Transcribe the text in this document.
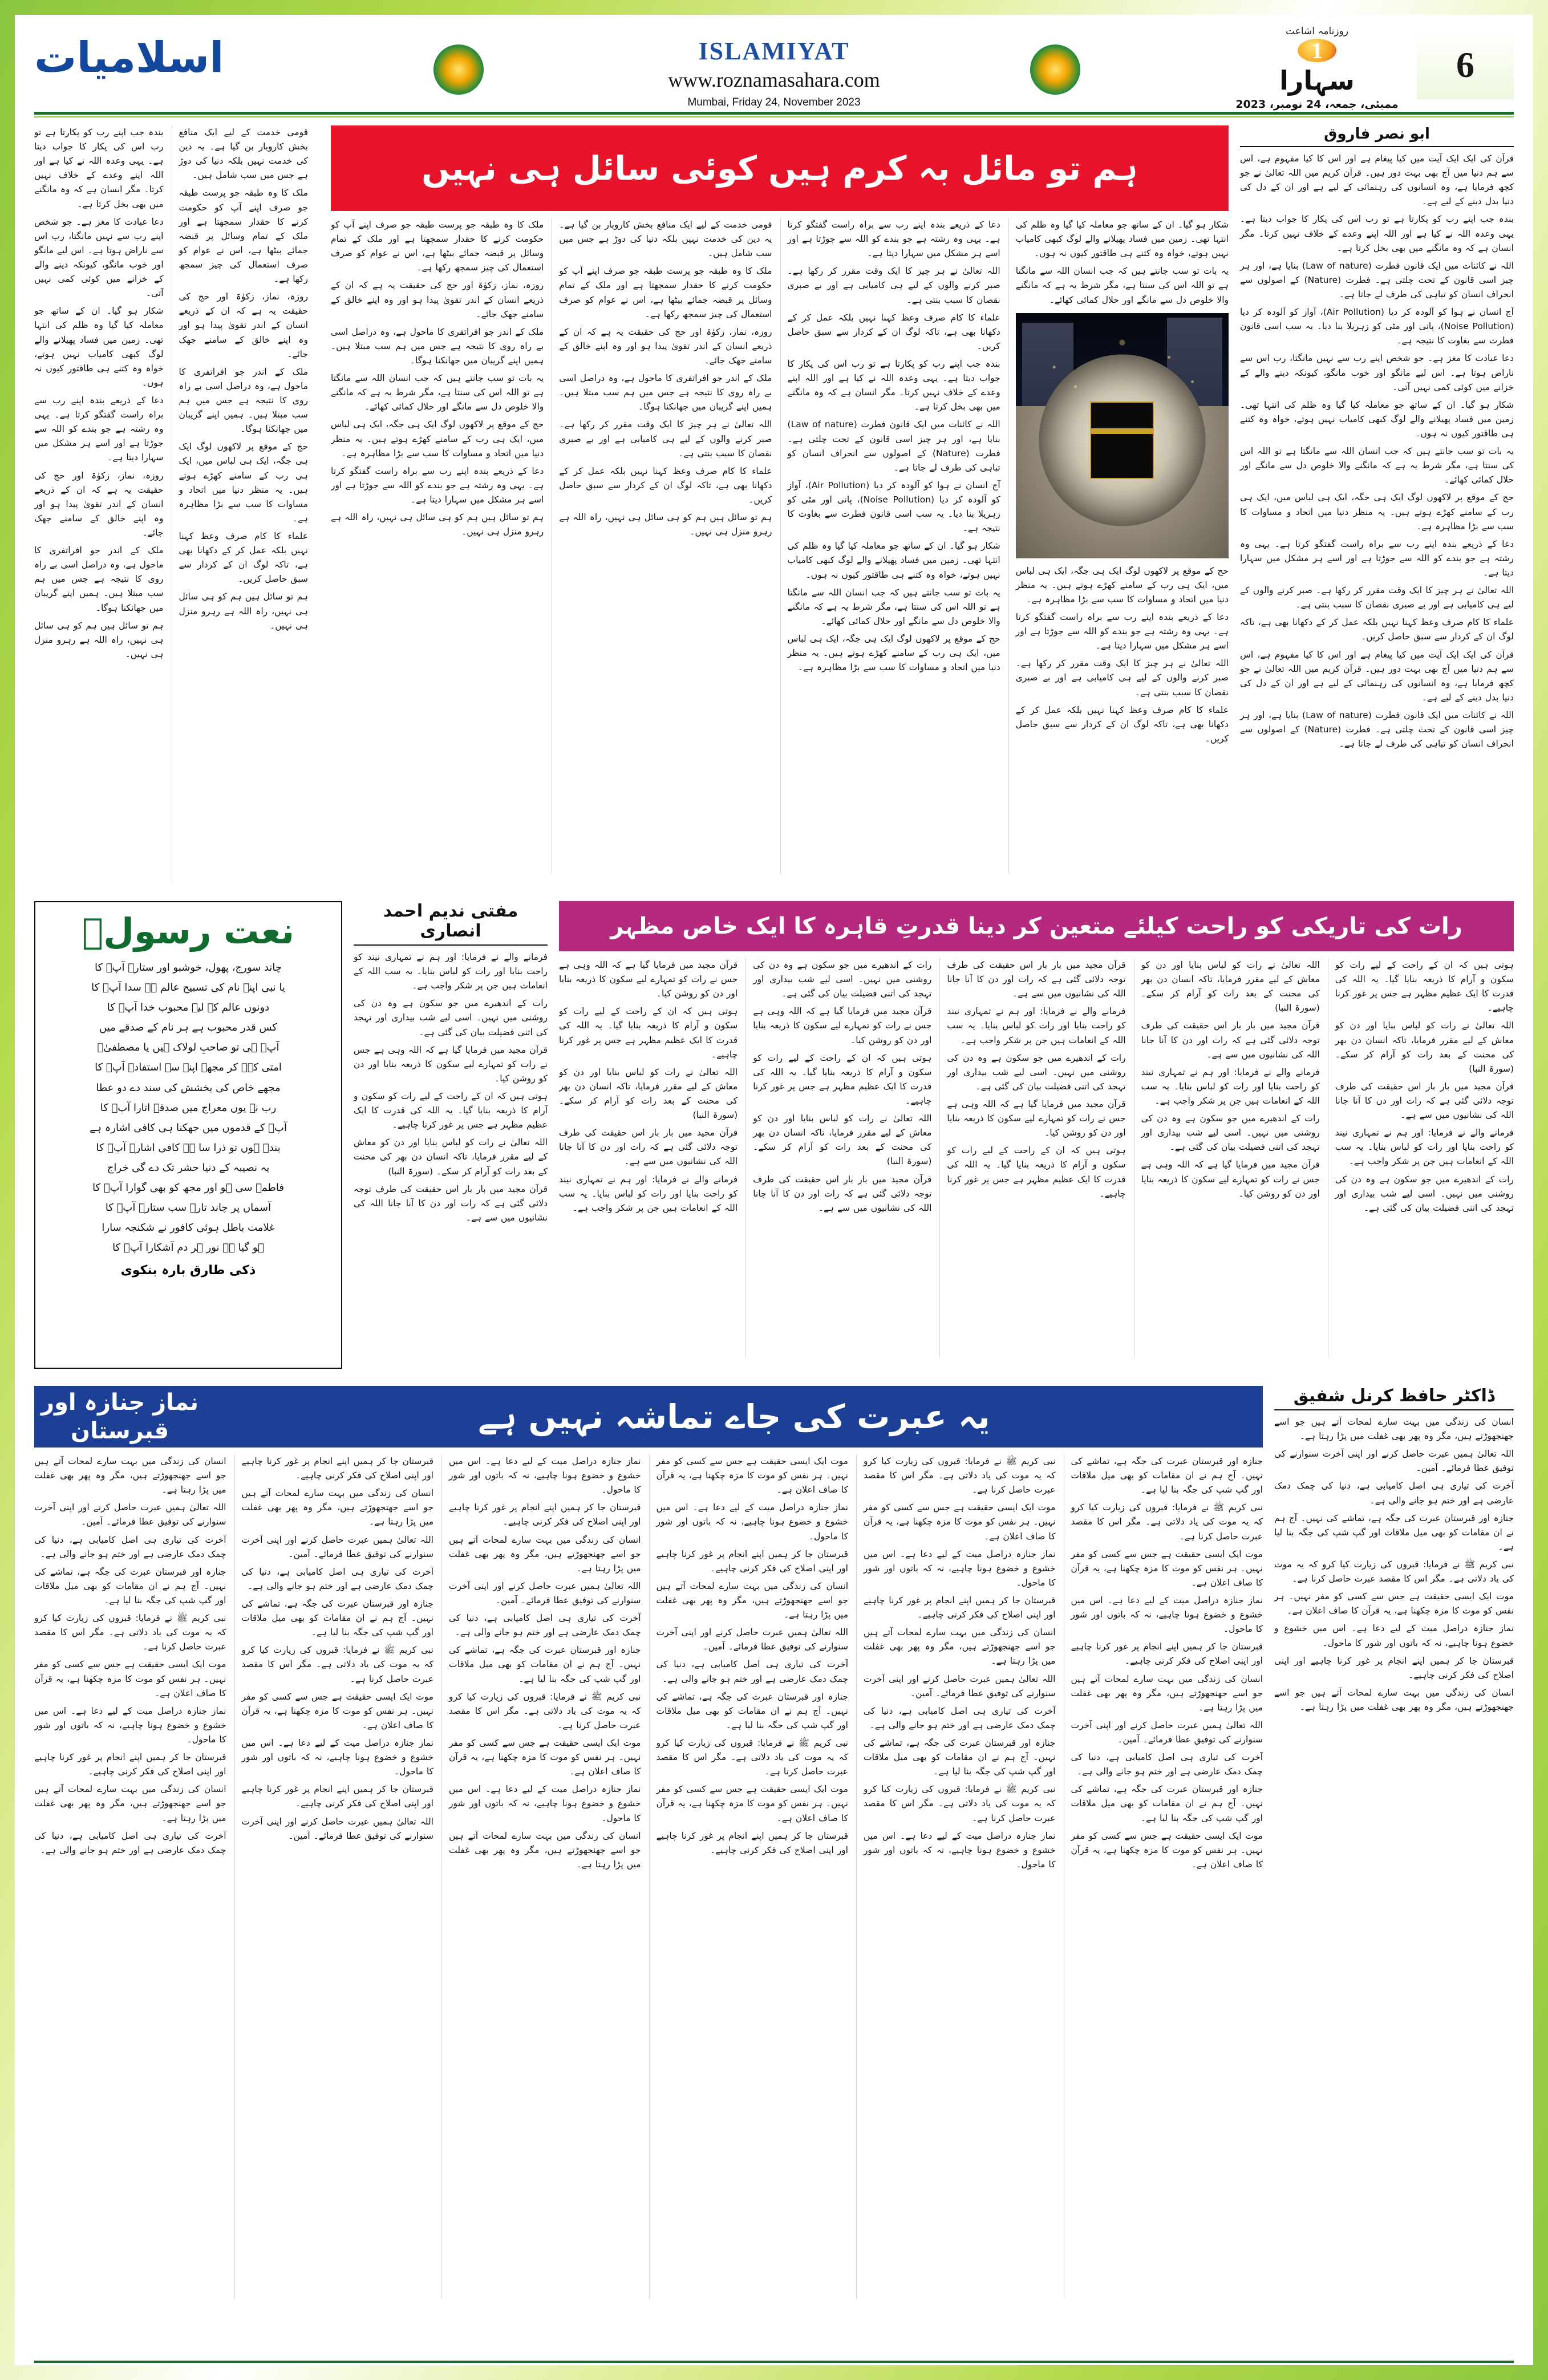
6
روزنامہ اشاعت
1
سہارا
ممبئی، جمعہ، 24 نومبر، 2023
ISLAMIYAT
www.roznamasahara.com
Mumbai, Friday 24, November 2023
اسلامیات
ابو نصر فاروق

قرآن کی ایک ایک آیت میں کیا پیغام ہے اور اس کا کیا مفہوم ہے، اس سے ہم دنیا میں آج بھی بہت دور ہیں۔ قرآن کریم میں اللہ تعالیٰ نے جو کچھ فرمایا ہے، وہ انسانوں کی رہنمائی کے لیے ہے اور ان کے دل کی دنیا بدل دینے کے لیے ہے۔

بندہ جب اپنے رب کو پکارتا ہے تو رب اس کی پکار کا جواب دیتا ہے۔ یہی وعدہ اللہ نے کیا ہے اور اللہ اپنے وعدے کے خلاف نہیں کرتا۔ مگر انسان ہے کہ وہ مانگنے میں بھی بخل کرتا ہے۔

اللہ نے کائنات میں ایک قانون فطرت (Law of nature) بنایا ہے، اور ہر چیز اسی قانون کے تحت چلتی ہے۔ فطرت (Nature) کے اصولوں سے انحراف انسان کو تباہی کی طرف لے جاتا ہے۔

آج انسان نے ہوا کو آلودہ کر دیا (Air Pollution)، آواز کو آلودہ کر دیا (Noise Pollution)، پانی اور مٹی کو زہریلا بنا دیا۔ یہ سب اسی قانون فطرت سے بغاوت کا نتیجہ ہے۔

دعا عبادت کا مغز ہے۔ جو شخص اپنے رب سے نہیں مانگتا، رب اس سے ناراض ہوتا ہے۔ اس لیے مانگو اور خوب مانگو، کیونکہ دینے والے کے خزانے میں کوئی کمی نہیں آتی۔

شکار ہو گیا۔ ان کے ساتھ جو معاملہ کیا گیا وہ ظلم کی انتہا تھی۔ زمین میں فساد پھیلانے والے لوگ کبھی کامیاب نہیں ہوتے، خواہ وہ کتنے ہی طاقتور کیوں نہ ہوں۔

یہ بات تو سب جانتے ہیں کہ جب انسان اللہ سے مانگتا ہے تو اللہ اس کی سنتا ہے، مگر شرط یہ ہے کہ مانگنے والا خلوص دل سے مانگے اور حلال کمائی کھائے۔

حج کے موقع پر لاکھوں لوگ ایک ہی جگہ، ایک ہی لباس میں، ایک ہی رب کے سامنے کھڑے ہوتے ہیں۔ یہ منظر دنیا میں اتحاد و مساوات کا سب سے بڑا مظاہرہ ہے۔

دعا کے ذریعے بندہ اپنے رب سے براہ راست گفتگو کرتا ہے۔ یہی وہ رشتہ ہے جو بندے کو اللہ سے جوڑتا ہے اور اسے ہر مشکل میں سہارا دیتا ہے۔

اللہ تعالیٰ نے ہر چیز کا ایک وقت مقرر کر رکھا ہے۔ صبر کرنے والوں کے لیے ہی کامیابی ہے اور بے صبری نقصان کا سبب بنتی ہے۔

علماء کا کام صرف وعظ کہنا نہیں بلکہ عمل کر کے دکھانا بھی ہے، تاکہ لوگ ان کے کردار سے سبق حاصل کریں۔

قرآن کی ایک ایک آیت میں کیا پیغام ہے اور اس کا کیا مفہوم ہے، اس سے ہم دنیا میں آج بھی بہت دور ہیں۔ قرآن کریم میں اللہ تعالیٰ نے جو کچھ فرمایا ہے، وہ انسانوں کی رہنمائی کے لیے ہے اور ان کے دل کی دنیا بدل دینے کے لیے ہے۔

اللہ نے کائنات میں ایک قانون فطرت (Law of nature) بنایا ہے، اور ہر چیز اسی قانون کے تحت چلتی ہے۔ فطرت (Nature) کے اصولوں سے انحراف انسان کو تباہی کی طرف لے جاتا ہے۔

ہم تو مائل بہ کرم ہیں کوئی سائل ہی نہیں

شکار ہو گیا۔ ان کے ساتھ جو معاملہ کیا گیا وہ ظلم کی انتہا تھی۔ زمین میں فساد پھیلانے والے لوگ کبھی کامیاب نہیں ہوتے، خواہ وہ کتنے ہی طاقتور کیوں نہ ہوں۔

یہ بات تو سب جانتے ہیں کہ جب انسان اللہ سے مانگتا ہے تو اللہ اس کی سنتا ہے، مگر شرط یہ ہے کہ مانگنے والا خلوص دل سے مانگے اور حلال کمائی کھائے۔

حج کے موقع پر لاکھوں لوگ ایک ہی جگہ، ایک ہی لباس میں، ایک ہی رب کے سامنے کھڑے ہوتے ہیں۔ یہ منظر دنیا میں اتحاد و مساوات کا سب سے بڑا مظاہرہ ہے۔

دعا کے ذریعے بندہ اپنے رب سے براہ راست گفتگو کرتا ہے۔ یہی وہ رشتہ ہے جو بندے کو اللہ سے جوڑتا ہے اور اسے ہر مشکل میں سہارا دیتا ہے۔

اللہ تعالیٰ نے ہر چیز کا ایک وقت مقرر کر رکھا ہے۔ صبر کرنے والوں کے لیے ہی کامیابی ہے اور بے صبری نقصان کا سبب بنتی ہے۔

علماء کا کام صرف وعظ کہنا نہیں بلکہ عمل کر کے دکھانا بھی ہے، تاکہ لوگ ان کے کردار سے سبق حاصل کریں۔

دعا کے ذریعے بندہ اپنے رب سے براہ راست گفتگو کرتا ہے۔ یہی وہ رشتہ ہے جو بندے کو اللہ سے جوڑتا ہے اور اسے ہر مشکل میں سہارا دیتا ہے۔

اللہ تعالیٰ نے ہر چیز کا ایک وقت مقرر کر رکھا ہے۔ صبر کرنے والوں کے لیے ہی کامیابی ہے اور بے صبری نقصان کا سبب بنتی ہے۔

علماء کا کام صرف وعظ کہنا نہیں بلکہ عمل کر کے دکھانا بھی ہے، تاکہ لوگ ان کے کردار سے سبق حاصل کریں۔

بندہ جب اپنے رب کو پکارتا ہے تو رب اس کی پکار کا جواب دیتا ہے۔ یہی وعدہ اللہ نے کیا ہے اور اللہ اپنے وعدے کے خلاف نہیں کرتا۔ مگر انسان ہے کہ وہ مانگنے میں بھی بخل کرتا ہے۔

اللہ نے کائنات میں ایک قانون فطرت (Law of nature) بنایا ہے، اور ہر چیز اسی قانون کے تحت چلتی ہے۔ فطرت (Nature) کے اصولوں سے انحراف انسان کو تباہی کی طرف لے جاتا ہے۔

آج انسان نے ہوا کو آلودہ کر دیا (Air Pollution)، آواز کو آلودہ کر دیا (Noise Pollution)، پانی اور مٹی کو زہریلا بنا دیا۔ یہ سب اسی قانون فطرت سے بغاوت کا نتیجہ ہے۔

شکار ہو گیا۔ ان کے ساتھ جو معاملہ کیا گیا وہ ظلم کی انتہا تھی۔ زمین میں فساد پھیلانے والے لوگ کبھی کامیاب نہیں ہوتے، خواہ وہ کتنے ہی طاقتور کیوں نہ ہوں۔

یہ بات تو سب جانتے ہیں کہ جب انسان اللہ سے مانگتا ہے تو اللہ اس کی سنتا ہے، مگر شرط یہ ہے کہ مانگنے والا خلوص دل سے مانگے اور حلال کمائی کھائے۔

حج کے موقع پر لاکھوں لوگ ایک ہی جگہ، ایک ہی لباس میں، ایک ہی رب کے سامنے کھڑے ہوتے ہیں۔ یہ منظر دنیا میں اتحاد و مساوات کا سب سے بڑا مظاہرہ ہے۔

قومی خدمت کے لیے ایک منافع بخش کاروبار بن گیا ہے۔ یہ دین کی خدمت نہیں بلکہ دنیا کی دوڑ ہے جس میں سب شامل ہیں۔

ملک کا وہ طبقہ جو پرست طبقہ جو صرف اپنے آپ کو حکومت کرنے کا حقدار سمجھتا ہے اور ملک کے تمام وسائل پر قبضہ جمائے بیٹھا ہے، اس نے عوام کو صرف استعمال کی چیز سمجھ رکھا ہے۔

روزہ، نماز، زکوٰۃ اور حج کی حقیقت یہ ہے کہ ان کے ذریعے انسان کے اندر تقویٰ پیدا ہو اور وہ اپنے خالق کے سامنے جھک جائے۔

ملک کے اندر جو افراتفری کا ماحول ہے، وہ دراصل اسی بے راہ روی کا نتیجہ ہے جس میں ہم سب مبتلا ہیں۔ ہمیں اپنے گریبان میں جھانکنا ہوگا۔

اللہ تعالیٰ نے ہر چیز کا ایک وقت مقرر کر رکھا ہے۔ صبر کرنے والوں کے لیے ہی کامیابی ہے اور بے صبری نقصان کا سبب بنتی ہے۔

علماء کا کام صرف وعظ کہنا نہیں بلکہ عمل کر کے دکھانا بھی ہے، تاکہ لوگ ان کے کردار سے سبق حاصل کریں۔

ہم تو سائل ہیں ہم کو ہی سائل ہی نہیں، راہ اللہ ہے رہرو منزل ہی نہیں۔

ملک کا وہ طبقہ جو پرست طبقہ جو صرف اپنے آپ کو حکومت کرنے کا حقدار سمجھتا ہے اور ملک کے تمام وسائل پر قبضہ جمائے بیٹھا ہے، اس نے عوام کو صرف استعمال کی چیز سمجھ رکھا ہے۔

روزہ، نماز، زکوٰۃ اور حج کی حقیقت یہ ہے کہ ان کے ذریعے انسان کے اندر تقویٰ پیدا ہو اور وہ اپنے خالق کے سامنے جھک جائے۔

ملک کے اندر جو افراتفری کا ماحول ہے، وہ دراصل اسی بے راہ روی کا نتیجہ ہے جس میں ہم سب مبتلا ہیں۔ ہمیں اپنے گریبان میں جھانکنا ہوگا۔

یہ بات تو سب جانتے ہیں کہ جب انسان اللہ سے مانگتا ہے تو اللہ اس کی سنتا ہے، مگر شرط یہ ہے کہ مانگنے والا خلوص دل سے مانگے اور حلال کمائی کھائے۔

حج کے موقع پر لاکھوں لوگ ایک ہی جگہ، ایک ہی لباس میں، ایک ہی رب کے سامنے کھڑے ہوتے ہیں۔ یہ منظر دنیا میں اتحاد و مساوات کا سب سے بڑا مظاہرہ ہے۔

دعا کے ذریعے بندہ اپنے رب سے براہ راست گفتگو کرتا ہے۔ یہی وہ رشتہ ہے جو بندے کو اللہ سے جوڑتا ہے اور اسے ہر مشکل میں سہارا دیتا ہے۔

ہم تو سائل ہیں ہم کو ہی سائل ہی نہیں، راہ اللہ ہے رہرو منزل ہی نہیں۔

قومی خدمت کے لیے ایک منافع بخش کاروبار بن گیا ہے۔ یہ دین کی خدمت نہیں بلکہ دنیا کی دوڑ ہے جس میں سب شامل ہیں۔

ملک کا وہ طبقہ جو پرست طبقہ جو صرف اپنے آپ کو حکومت کرنے کا حقدار سمجھتا ہے اور ملک کے تمام وسائل پر قبضہ جمائے بیٹھا ہے، اس نے عوام کو صرف استعمال کی چیز سمجھ رکھا ہے۔

روزہ، نماز، زکوٰۃ اور حج کی حقیقت یہ ہے کہ ان کے ذریعے انسان کے اندر تقویٰ پیدا ہو اور وہ اپنے خالق کے سامنے جھک جائے۔

ملک کے اندر جو افراتفری کا ماحول ہے، وہ دراصل اسی بے راہ روی کا نتیجہ ہے جس میں ہم سب مبتلا ہیں۔ ہمیں اپنے گریبان میں جھانکنا ہوگا۔

حج کے موقع پر لاکھوں لوگ ایک ہی جگہ، ایک ہی لباس میں، ایک ہی رب کے سامنے کھڑے ہوتے ہیں۔ یہ منظر دنیا میں اتحاد و مساوات کا سب سے بڑا مظاہرہ ہے۔

علماء کا کام صرف وعظ کہنا نہیں بلکہ عمل کر کے دکھانا بھی ہے، تاکہ لوگ ان کے کردار سے سبق حاصل کریں۔

ہم تو سائل ہیں ہم کو ہی سائل ہی نہیں، راہ اللہ ہے رہرو منزل ہی نہیں۔

بندہ جب اپنے رب کو پکارتا ہے تو رب اس کی پکار کا جواب دیتا ہے۔ یہی وعدہ اللہ نے کیا ہے اور اللہ اپنے وعدے کے خلاف نہیں کرتا۔ مگر انسان ہے کہ وہ مانگنے میں بھی بخل کرتا ہے۔

دعا عبادت کا مغز ہے۔ جو شخص اپنے رب سے نہیں مانگتا، رب اس سے ناراض ہوتا ہے۔ اس لیے مانگو اور خوب مانگو، کیونکہ دینے والے کے خزانے میں کوئی کمی نہیں آتی۔

شکار ہو گیا۔ ان کے ساتھ جو معاملہ کیا گیا وہ ظلم کی انتہا تھی۔ زمین میں فساد پھیلانے والے لوگ کبھی کامیاب نہیں ہوتے، خواہ وہ کتنے ہی طاقتور کیوں نہ ہوں۔

دعا کے ذریعے بندہ اپنے رب سے براہ راست گفتگو کرتا ہے۔ یہی وہ رشتہ ہے جو بندے کو اللہ سے جوڑتا ہے اور اسے ہر مشکل میں سہارا دیتا ہے۔

روزہ، نماز، زکوٰۃ اور حج کی حقیقت یہ ہے کہ ان کے ذریعے انسان کے اندر تقویٰ پیدا ہو اور وہ اپنے خالق کے سامنے جھک جائے۔

ملک کے اندر جو افراتفری کا ماحول ہے، وہ دراصل اسی بے راہ روی کا نتیجہ ہے جس میں ہم سب مبتلا ہیں۔ ہمیں اپنے گریبان میں جھانکنا ہوگا۔

ہم تو سائل ہیں ہم کو ہی سائل ہی نہیں، راہ اللہ ہے رہرو منزل ہی نہیں۔

نعت رسولؐ
چاند سورج، پھول، خوشبو اور ستارہ آپؐ کا
یا نبی اپنے نام کی تسبیح عالم ہے سدا آپؐ کا
دونوں عالم کے لیے محبوب خدا آپؐ کا
کس قدر محبوب ہے ہر نام کے صدقے میں
آپؐ ہی تو صاحبِ لولاک ہیں یا مصطفیٰؐ
امتی کہہ کر مجھے اپنے سے استفادہ آپؐ کا
مجھے خاص کی بخشش کی سند دے دو عطا
رب نے یوں معراج میں صدقہ اتارا آپؐ کا
آپؐ کے قدموں میں جھکنا ہی کافی اشارہ ہے
بندہ ہوں تو ذرا سا ہے کافی اشارہ آپؐ کا
یہ نصیبہ کے دنیا حشر تک دے گی خراج
فاطمہ سی ہو اور مجھ کو بھی گوارا آپؐ کا
آسماں پر چاند تارے سب ستارہ آپؐ کا
غلامت باطل ہوئی کافور نے شکنجہ سارا
ہو گیا ہے نور ہر دم آشکارا آپؐ کا
ذکی طارق بارہ بنکوی
مفتی ندیم احمد انصاری

فرمانے والے نے فرمایا: اور ہم نے تمہاری نیند کو راحت بنایا اور رات کو لباس بنایا۔ یہ سب اللہ کے انعامات ہیں جن پر شکر واجب ہے۔

رات کے اندھیرے میں جو سکون ہے وہ دن کی روشنی میں نہیں۔ اسی لیے شب بیداری اور تہجد کی اتنی فضیلت بیان کی گئی ہے۔

قرآن مجید میں فرمایا گیا ہے کہ اللہ وہی ہے جس نے رات کو تمہارے لیے سکون کا ذریعہ بنایا اور دن کو روشن کیا۔

ہوتی ہیں کہ ان کے راحت کے لیے رات کو سکون و آرام کا ذریعہ بنایا گیا۔ یہ اللہ کی قدرت کا ایک عظیم مظہر ہے جس پر غور کرنا چاہیے۔

اللہ تعالیٰ نے رات کو لباس بنایا اور دن کو معاش کے لیے مقرر فرمایا، تاکہ انسان دن بھر کی محنت کے بعد رات کو آرام کر سکے۔ (سورۃ النبا)

قرآن مجید میں بار بار اس حقیقت کی طرف توجہ دلائی گئی ہے کہ رات اور دن کا آنا جانا اللہ کی نشانیوں میں سے ہے۔

رات کی تاریکی کو راحت کیلئے متعین کر دینا قدرتِ قاہرہ کا ایک خاص مظہر

ہوتی ہیں کہ ان کے راحت کے لیے رات کو سکون و آرام کا ذریعہ بنایا گیا۔ یہ اللہ کی قدرت کا ایک عظیم مظہر ہے جس پر غور کرنا چاہیے۔

اللہ تعالیٰ نے رات کو لباس بنایا اور دن کو معاش کے لیے مقرر فرمایا، تاکہ انسان دن بھر کی محنت کے بعد رات کو آرام کر سکے۔ (سورۃ النبا)

قرآن مجید میں بار بار اس حقیقت کی طرف توجہ دلائی گئی ہے کہ رات اور دن کا آنا جانا اللہ کی نشانیوں میں سے ہے۔

فرمانے والے نے فرمایا: اور ہم نے تمہاری نیند کو راحت بنایا اور رات کو لباس بنایا۔ یہ سب اللہ کے انعامات ہیں جن پر شکر واجب ہے۔

رات کے اندھیرے میں جو سکون ہے وہ دن کی روشنی میں نہیں۔ اسی لیے شب بیداری اور تہجد کی اتنی فضیلت بیان کی گئی ہے۔

اللہ تعالیٰ نے رات کو لباس بنایا اور دن کو معاش کے لیے مقرر فرمایا، تاکہ انسان دن بھر کی محنت کے بعد رات کو آرام کر سکے۔ (سورۃ النبا)

قرآن مجید میں بار بار اس حقیقت کی طرف توجہ دلائی گئی ہے کہ رات اور دن کا آنا جانا اللہ کی نشانیوں میں سے ہے۔

فرمانے والے نے فرمایا: اور ہم نے تمہاری نیند کو راحت بنایا اور رات کو لباس بنایا۔ یہ سب اللہ کے انعامات ہیں جن پر شکر واجب ہے۔

رات کے اندھیرے میں جو سکون ہے وہ دن کی روشنی میں نہیں۔ اسی لیے شب بیداری اور تہجد کی اتنی فضیلت بیان کی گئی ہے۔

قرآن مجید میں فرمایا گیا ہے کہ اللہ وہی ہے جس نے رات کو تمہارے لیے سکون کا ذریعہ بنایا اور دن کو روشن کیا۔

قرآن مجید میں بار بار اس حقیقت کی طرف توجہ دلائی گئی ہے کہ رات اور دن کا آنا جانا اللہ کی نشانیوں میں سے ہے۔

فرمانے والے نے فرمایا: اور ہم نے تمہاری نیند کو راحت بنایا اور رات کو لباس بنایا۔ یہ سب اللہ کے انعامات ہیں جن پر شکر واجب ہے۔

رات کے اندھیرے میں جو سکون ہے وہ دن کی روشنی میں نہیں۔ اسی لیے شب بیداری اور تہجد کی اتنی فضیلت بیان کی گئی ہے۔

قرآن مجید میں فرمایا گیا ہے کہ اللہ وہی ہے جس نے رات کو تمہارے لیے سکون کا ذریعہ بنایا اور دن کو روشن کیا۔

ہوتی ہیں کہ ان کے راحت کے لیے رات کو سکون و آرام کا ذریعہ بنایا گیا۔ یہ اللہ کی قدرت کا ایک عظیم مظہر ہے جس پر غور کرنا چاہیے۔

رات کے اندھیرے میں جو سکون ہے وہ دن کی روشنی میں نہیں۔ اسی لیے شب بیداری اور تہجد کی اتنی فضیلت بیان کی گئی ہے۔

قرآن مجید میں فرمایا گیا ہے کہ اللہ وہی ہے جس نے رات کو تمہارے لیے سکون کا ذریعہ بنایا اور دن کو روشن کیا۔

ہوتی ہیں کہ ان کے راحت کے لیے رات کو سکون و آرام کا ذریعہ بنایا گیا۔ یہ اللہ کی قدرت کا ایک عظیم مظہر ہے جس پر غور کرنا چاہیے۔

اللہ تعالیٰ نے رات کو لباس بنایا اور دن کو معاش کے لیے مقرر فرمایا، تاکہ انسان دن بھر کی محنت کے بعد رات کو آرام کر سکے۔ (سورۃ النبا)

قرآن مجید میں بار بار اس حقیقت کی طرف توجہ دلائی گئی ہے کہ رات اور دن کا آنا جانا اللہ کی نشانیوں میں سے ہے۔

قرآن مجید میں فرمایا گیا ہے کہ اللہ وہی ہے جس نے رات کو تمہارے لیے سکون کا ذریعہ بنایا اور دن کو روشن کیا۔

ہوتی ہیں کہ ان کے راحت کے لیے رات کو سکون و آرام کا ذریعہ بنایا گیا۔ یہ اللہ کی قدرت کا ایک عظیم مظہر ہے جس پر غور کرنا چاہیے۔

اللہ تعالیٰ نے رات کو لباس بنایا اور دن کو معاش کے لیے مقرر فرمایا، تاکہ انسان دن بھر کی محنت کے بعد رات کو آرام کر سکے۔ (سورۃ النبا)

قرآن مجید میں بار بار اس حقیقت کی طرف توجہ دلائی گئی ہے کہ رات اور دن کا آنا جانا اللہ کی نشانیوں میں سے ہے۔

فرمانے والے نے فرمایا: اور ہم نے تمہاری نیند کو راحت بنایا اور رات کو لباس بنایا۔ یہ سب اللہ کے انعامات ہیں جن پر شکر واجب ہے۔

ڈاکٹر حافظ کرنل شفیق

انسان کی زندگی میں بہت سارے لمحات آتے ہیں جو اسے جھنجھوڑتے ہیں، مگر وہ پھر بھی غفلت میں پڑا رہتا ہے۔

اللہ تعالیٰ ہمیں عبرت حاصل کرنے اور اپنی آخرت سنوارنے کی توفیق عطا فرمائے۔ آمین۔

آخرت کی تیاری ہی اصل کامیابی ہے، دنیا کی چمک دمک عارضی ہے اور ختم ہو جانے والی ہے۔

جنازہ اور قبرستان عبرت کی جگہ ہے، تماشے کی نہیں۔ آج ہم نے ان مقامات کو بھی میل ملاقات اور گپ شپ کی جگہ بنا لیا ہے۔

نبی کریم ﷺ نے فرمایا: قبروں کی زیارت کیا کرو کہ یہ موت کی یاد دلاتی ہے۔ مگر اس کا مقصد عبرت حاصل کرنا ہے۔

موت ایک ایسی حقیقت ہے جس سے کسی کو مفر نہیں۔ ہر نفس کو موت کا مزہ چکھنا ہے، یہ قرآن کا صاف اعلان ہے۔

نماز جنازہ دراصل میت کے لیے دعا ہے۔ اس میں خشوع و خضوع ہونا چاہیے، نہ کہ باتوں اور شور کا ماحول۔

قبرستان جا کر ہمیں اپنے انجام پر غور کرنا چاہیے اور اپنی اصلاح کی فکر کرنی چاہیے۔

انسان کی زندگی میں بہت سارے لمحات آتے ہیں جو اسے جھنجھوڑتے ہیں، مگر وہ پھر بھی غفلت میں پڑا رہتا ہے۔

یہ عبرت کی جاے تماشہ نہیں ہے
نماز جنازہ اور قبرستان

جنازہ اور قبرستان عبرت کی جگہ ہے، تماشے کی نہیں۔ آج ہم نے ان مقامات کو بھی میل ملاقات اور گپ شپ کی جگہ بنا لیا ہے۔

نبی کریم ﷺ نے فرمایا: قبروں کی زیارت کیا کرو کہ یہ موت کی یاد دلاتی ہے۔ مگر اس کا مقصد عبرت حاصل کرنا ہے۔

موت ایک ایسی حقیقت ہے جس سے کسی کو مفر نہیں۔ ہر نفس کو موت کا مزہ چکھنا ہے، یہ قرآن کا صاف اعلان ہے۔

نماز جنازہ دراصل میت کے لیے دعا ہے۔ اس میں خشوع و خضوع ہونا چاہیے، نہ کہ باتوں اور شور کا ماحول۔

قبرستان جا کر ہمیں اپنے انجام پر غور کرنا چاہیے اور اپنی اصلاح کی فکر کرنی چاہیے۔

انسان کی زندگی میں بہت سارے لمحات آتے ہیں جو اسے جھنجھوڑتے ہیں، مگر وہ پھر بھی غفلت میں پڑا رہتا ہے۔

اللہ تعالیٰ ہمیں عبرت حاصل کرنے اور اپنی آخرت سنوارنے کی توفیق عطا فرمائے۔ آمین۔

آخرت کی تیاری ہی اصل کامیابی ہے، دنیا کی چمک دمک عارضی ہے اور ختم ہو جانے والی ہے۔

جنازہ اور قبرستان عبرت کی جگہ ہے، تماشے کی نہیں۔ آج ہم نے ان مقامات کو بھی میل ملاقات اور گپ شپ کی جگہ بنا لیا ہے۔

موت ایک ایسی حقیقت ہے جس سے کسی کو مفر نہیں۔ ہر نفس کو موت کا مزہ چکھنا ہے، یہ قرآن کا صاف اعلان ہے۔

نبی کریم ﷺ نے فرمایا: قبروں کی زیارت کیا کرو کہ یہ موت کی یاد دلاتی ہے۔ مگر اس کا مقصد عبرت حاصل کرنا ہے۔

موت ایک ایسی حقیقت ہے جس سے کسی کو مفر نہیں۔ ہر نفس کو موت کا مزہ چکھنا ہے، یہ قرآن کا صاف اعلان ہے۔

نماز جنازہ دراصل میت کے لیے دعا ہے۔ اس میں خشوع و خضوع ہونا چاہیے، نہ کہ باتوں اور شور کا ماحول۔

قبرستان جا کر ہمیں اپنے انجام پر غور کرنا چاہیے اور اپنی اصلاح کی فکر کرنی چاہیے۔

انسان کی زندگی میں بہت سارے لمحات آتے ہیں جو اسے جھنجھوڑتے ہیں، مگر وہ پھر بھی غفلت میں پڑا رہتا ہے۔

اللہ تعالیٰ ہمیں عبرت حاصل کرنے اور اپنی آخرت سنوارنے کی توفیق عطا فرمائے۔ آمین۔

آخرت کی تیاری ہی اصل کامیابی ہے، دنیا کی چمک دمک عارضی ہے اور ختم ہو جانے والی ہے۔

جنازہ اور قبرستان عبرت کی جگہ ہے، تماشے کی نہیں۔ آج ہم نے ان مقامات کو بھی میل ملاقات اور گپ شپ کی جگہ بنا لیا ہے۔

نبی کریم ﷺ نے فرمایا: قبروں کی زیارت کیا کرو کہ یہ موت کی یاد دلاتی ہے۔ مگر اس کا مقصد عبرت حاصل کرنا ہے۔

نماز جنازہ دراصل میت کے لیے دعا ہے۔ اس میں خشوع و خضوع ہونا چاہیے، نہ کہ باتوں اور شور کا ماحول۔

موت ایک ایسی حقیقت ہے جس سے کسی کو مفر نہیں۔ ہر نفس کو موت کا مزہ چکھنا ہے، یہ قرآن کا صاف اعلان ہے۔

نماز جنازہ دراصل میت کے لیے دعا ہے۔ اس میں خشوع و خضوع ہونا چاہیے، نہ کہ باتوں اور شور کا ماحول۔

قبرستان جا کر ہمیں اپنے انجام پر غور کرنا چاہیے اور اپنی اصلاح کی فکر کرنی چاہیے۔

انسان کی زندگی میں بہت سارے لمحات آتے ہیں جو اسے جھنجھوڑتے ہیں، مگر وہ پھر بھی غفلت میں پڑا رہتا ہے۔

اللہ تعالیٰ ہمیں عبرت حاصل کرنے اور اپنی آخرت سنوارنے کی توفیق عطا فرمائے۔ آمین۔

آخرت کی تیاری ہی اصل کامیابی ہے، دنیا کی چمک دمک عارضی ہے اور ختم ہو جانے والی ہے۔

جنازہ اور قبرستان عبرت کی جگہ ہے، تماشے کی نہیں۔ آج ہم نے ان مقامات کو بھی میل ملاقات اور گپ شپ کی جگہ بنا لیا ہے۔

نبی کریم ﷺ نے فرمایا: قبروں کی زیارت کیا کرو کہ یہ موت کی یاد دلاتی ہے۔ مگر اس کا مقصد عبرت حاصل کرنا ہے۔

موت ایک ایسی حقیقت ہے جس سے کسی کو مفر نہیں۔ ہر نفس کو موت کا مزہ چکھنا ہے، یہ قرآن کا صاف اعلان ہے۔

قبرستان جا کر ہمیں اپنے انجام پر غور کرنا چاہیے اور اپنی اصلاح کی فکر کرنی چاہیے۔

نماز جنازہ دراصل میت کے لیے دعا ہے۔ اس میں خشوع و خضوع ہونا چاہیے، نہ کہ باتوں اور شور کا ماحول۔

قبرستان جا کر ہمیں اپنے انجام پر غور کرنا چاہیے اور اپنی اصلاح کی فکر کرنی چاہیے۔

انسان کی زندگی میں بہت سارے لمحات آتے ہیں جو اسے جھنجھوڑتے ہیں، مگر وہ پھر بھی غفلت میں پڑا رہتا ہے۔

اللہ تعالیٰ ہمیں عبرت حاصل کرنے اور اپنی آخرت سنوارنے کی توفیق عطا فرمائے۔ آمین۔

آخرت کی تیاری ہی اصل کامیابی ہے، دنیا کی چمک دمک عارضی ہے اور ختم ہو جانے والی ہے۔

جنازہ اور قبرستان عبرت کی جگہ ہے، تماشے کی نہیں۔ آج ہم نے ان مقامات کو بھی میل ملاقات اور گپ شپ کی جگہ بنا لیا ہے۔

نبی کریم ﷺ نے فرمایا: قبروں کی زیارت کیا کرو کہ یہ موت کی یاد دلاتی ہے۔ مگر اس کا مقصد عبرت حاصل کرنا ہے۔

موت ایک ایسی حقیقت ہے جس سے کسی کو مفر نہیں۔ ہر نفس کو موت کا مزہ چکھنا ہے، یہ قرآن کا صاف اعلان ہے۔

نماز جنازہ دراصل میت کے لیے دعا ہے۔ اس میں خشوع و خضوع ہونا چاہیے، نہ کہ باتوں اور شور کا ماحول۔

انسان کی زندگی میں بہت سارے لمحات آتے ہیں جو اسے جھنجھوڑتے ہیں، مگر وہ پھر بھی غفلت میں پڑا رہتا ہے۔

قبرستان جا کر ہمیں اپنے انجام پر غور کرنا چاہیے اور اپنی اصلاح کی فکر کرنی چاہیے۔

انسان کی زندگی میں بہت سارے لمحات آتے ہیں جو اسے جھنجھوڑتے ہیں، مگر وہ پھر بھی غفلت میں پڑا رہتا ہے۔

اللہ تعالیٰ ہمیں عبرت حاصل کرنے اور اپنی آخرت سنوارنے کی توفیق عطا فرمائے۔ آمین۔

آخرت کی تیاری ہی اصل کامیابی ہے، دنیا کی چمک دمک عارضی ہے اور ختم ہو جانے والی ہے۔

جنازہ اور قبرستان عبرت کی جگہ ہے، تماشے کی نہیں۔ آج ہم نے ان مقامات کو بھی میل ملاقات اور گپ شپ کی جگہ بنا لیا ہے۔

نبی کریم ﷺ نے فرمایا: قبروں کی زیارت کیا کرو کہ یہ موت کی یاد دلاتی ہے۔ مگر اس کا مقصد عبرت حاصل کرنا ہے۔

موت ایک ایسی حقیقت ہے جس سے کسی کو مفر نہیں۔ ہر نفس کو موت کا مزہ چکھنا ہے، یہ قرآن کا صاف اعلان ہے۔

نماز جنازہ دراصل میت کے لیے دعا ہے۔ اس میں خشوع و خضوع ہونا چاہیے، نہ کہ باتوں اور شور کا ماحول۔

قبرستان جا کر ہمیں اپنے انجام پر غور کرنا چاہیے اور اپنی اصلاح کی فکر کرنی چاہیے۔

اللہ تعالیٰ ہمیں عبرت حاصل کرنے اور اپنی آخرت سنوارنے کی توفیق عطا فرمائے۔ آمین۔

انسان کی زندگی میں بہت سارے لمحات آتے ہیں جو اسے جھنجھوڑتے ہیں، مگر وہ پھر بھی غفلت میں پڑا رہتا ہے۔

اللہ تعالیٰ ہمیں عبرت حاصل کرنے اور اپنی آخرت سنوارنے کی توفیق عطا فرمائے۔ آمین۔

آخرت کی تیاری ہی اصل کامیابی ہے، دنیا کی چمک دمک عارضی ہے اور ختم ہو جانے والی ہے۔

جنازہ اور قبرستان عبرت کی جگہ ہے، تماشے کی نہیں۔ آج ہم نے ان مقامات کو بھی میل ملاقات اور گپ شپ کی جگہ بنا لیا ہے۔

نبی کریم ﷺ نے فرمایا: قبروں کی زیارت کیا کرو کہ یہ موت کی یاد دلاتی ہے۔ مگر اس کا مقصد عبرت حاصل کرنا ہے۔

موت ایک ایسی حقیقت ہے جس سے کسی کو مفر نہیں۔ ہر نفس کو موت کا مزہ چکھنا ہے، یہ قرآن کا صاف اعلان ہے۔

نماز جنازہ دراصل میت کے لیے دعا ہے۔ اس میں خشوع و خضوع ہونا چاہیے، نہ کہ باتوں اور شور کا ماحول۔

قبرستان جا کر ہمیں اپنے انجام پر غور کرنا چاہیے اور اپنی اصلاح کی فکر کرنی چاہیے۔

انسان کی زندگی میں بہت سارے لمحات آتے ہیں جو اسے جھنجھوڑتے ہیں، مگر وہ پھر بھی غفلت میں پڑا رہتا ہے۔

آخرت کی تیاری ہی اصل کامیابی ہے، دنیا کی چمک دمک عارضی ہے اور ختم ہو جانے والی ہے۔
